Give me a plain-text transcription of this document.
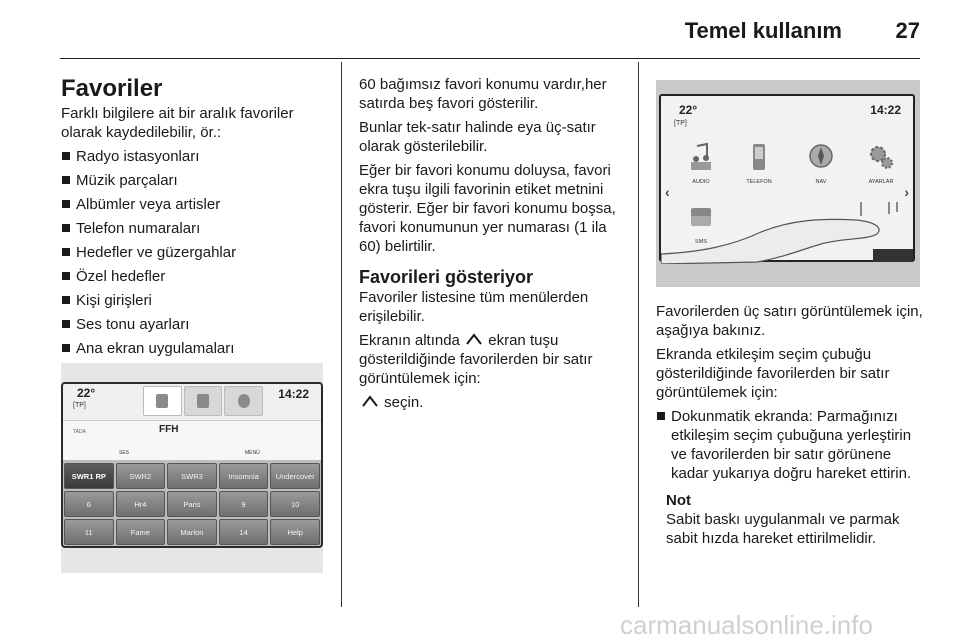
Temel kullanım 27
Favoriler

Farklı bilgilere ait bir aralık favoriler olarak kaydedilebilir, ör.:

Radyo istasyonları
Müzik parçaları
Albümler veya artisler
Telefon numaraları
Hedefler ve güzergahlar
Özel hedefler
Kişi girişleri
Ses tonu ayarları
Ana ekran uygulamaları
22°
[TP]
14:22
TADA	FFH
SES	MENÜ
SWR1 RP	SWR2	SWR3	Insomnia	Undercover
6	Hr4	Paris	9	10
11	Fame	Marlon	14	Help

60 bağımsız favori konumu vardır,her satırda beş favori gösterilir.

Bunlar tek-satır halinde eya üç-satır olarak gösterilebilir.

Eğer bir favori konumu doluysa, favori ekra tuşu ilgili favorinin etiket metnini gösterir. Eğer bir favori konumu boşsa, favori konumunun yer numarası (1 ila 60) belirtilir.

Favorileri gösteriyor

Favoriler listesine tüm menülerden erişilebilir.

Ekranın altında ekran tuşu gösterildiğinde favorilerden bir satır görüntülemek için:

seçin.

22°
[TP]
14:22
‹	›
AUDIO	TELEFON	NAV	AYARLAR
SMS

Favorilerden üç satırı görüntülemek için, aşağıya bakınız.

Ekranda etkileşim seçim çubuğu gösterildiğinde favorilerden bir satır görüntülemek için:

Dokunmatik ekranda: Parmağınızı etkileşim seçim çubuğuna yerleştirin ve favorilerden bir satır görünene kadar yukarıya doğru hareket ettirin.
Not
Sabit baskı uygulanmalı ve parmak sabit hızda hareket ettirilmelidir.
carmanualsonline.info
